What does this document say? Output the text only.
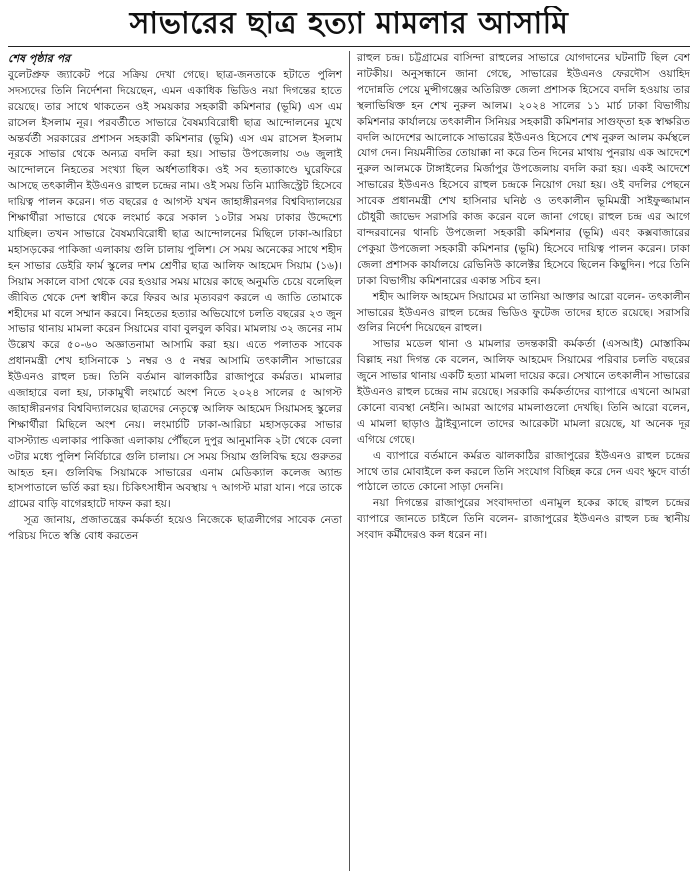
সাভারের ছাত্র হত্যা মামলার আসামি
শেষ পৃষ্ঠার পর

বুলেটপ্রুফ জ্যাকেট পরে সক্রিয় দেখা গেছে। ছাত্র-জনতাকে হটাতে পুলিশ সদস্যদের তিনি নির্দেশনা দিয়েছেন, এমন একাধিক ভিডিও নয়া দিগন্তের হাতে রয়েছে। তার সাথে থাকতেন ওই সময়কার সহকারী কমিশনার (ভূমি) এস এম রাসেল ইসলাম নূর। পরবর্তীতে সাভারে বৈষম্যবিরোধী ছাত্র আন্দোলনের মুখে অন্তর্বর্তী সরকারের প্রশাসন সহকারী কমিশনার (ভূমি) এস এম রাসেল ইসলাম নূরকে সাভার থেকে অন্যত্র বদলি করা হয়। সাভার উপজেলায় ৩৬ জুলাই আন্দোলনে নিহতের সংখ্যা ছিল অর্ধশতাধিক। ওই সব হত্যাকাণ্ডে ঘুরেফিরে আসছে তৎকালীন ইউএনও রাহুল চন্দ্রের নাম। ওই সময় তিনি ম্যাজিস্ট্রেট হিসেবে দায়িত্ব পালন করেন। গত বছরের ৫ আগস্ট যখন জাহাঙ্গীরনগর বিশ্ববিদ্যালয়ের শিক্ষার্থীরা সাভারে থেকে লংমার্চ করে সকাল ১০টার সময় ঢাকার উদ্দেশ্যে যাচ্ছিল। তখন সাভারে বৈষম্যবিরোধী ছাত্র আন্দোলনের মিছিলে ঢাকা-আরিচা মহাসড়কের পাকিজা এলাকায় গুলি চালায় পুলিশ। সে সময় অনেকের সাথে শহীদ হন সাভার ডেইরি ফার্ম স্কুলের দশম শ্রেণীর ছাত্র আলিফ আহমেদ সিয়াম (১৬)। সিয়াম সকালে বাসা থেকে বের হওয়ার সময় মায়ের কাছে অনুমতি চেয়ে বলেছিল জীবিত থেকে দেশ স্বাধীন করে ফিরব আর মৃত্যবরণ করলে এ জাতি তোমাকে শহীদের মা বলে সম্মান করবে। নিহতের হত্যার অভিযোগে চলতি বছরের ২৩ জুন সাভার থানায় মামলা করেন সিয়ামের বাবা বুলবুল কবির। মামলায় ৩২ জনের নাম উল্লেখ করে ৫০-৬০ অজ্ঞাতনামা আসামি করা হয়। এতে পলাতক সাবেক প্রধানমন্ত্রী শেখ হাসিনাকে ১ নম্বর ও ৫ নম্বর আসামি তৎকালীন সাভারের ইউএনও রাহুল চন্দ্র। তিনি বর্তমান ঝালকাঠির রাজাপুরে কর্মরত। মামলার এজাহারে বলা হয়, ঢাকামুখী লংমার্চে অংশ নিতে ২০২৪ সালের ৫ আগস্ট জাহাঙ্গীরনগর বিশ্ববিদ্যালয়ের ছাত্রদের নেতৃত্বে আলিফ আহমেদ সিয়ামসহ স্কুলের শিক্ষার্থীরা মিছিলে অংশ নেয়। লংমার্চটি ঢাকা-আরিচা মহাসড়কের সাভার বাসস্ট্যান্ড এলাকার পাকিজা এলাকায় পৌঁছলে দুপুর আনুমানিক ২টা থেকে বেলা ৩টার মধ্যে পুলিশ নির্বিচারে গুলি চালায়। সে সময় সিয়াম গুলিবিদ্ধ হয়ে গুরুতর আহত হন। গুলিবিদ্ধ সিয়ামকে সাভারের এনাম মেডিক্যাল কলেজ অ্যান্ড হাসপাতালে ভর্তি করা হয়। চিকিৎসাধীন অবস্থায় ৭ আগস্ট মারা যান। পরে তাকে গ্রামের বাড়ি বাগেরহাটে দাফন করা হয়।

সূত্র জানায়, প্রজাতন্ত্রের কর্মকর্তা হয়েও নিজেকে ছাত্রলীগের সাবেক নেতা পরিচয় দিতে স্বস্তি বোধ করতেন

রাহুল চন্দ্র। চট্টগ্রামের বাসিন্দা রাহুলের সাভারে যোগদানের ঘটনাটি ছিল বেশ নাটকীয়। অনুসন্ধানে জানা গেছে, সাভারের ইউএনও ফেরদৌস ওয়াহিদ পদোন্নতি পেয়ে মুন্সীগঞ্জের অতিরিক্ত জেলা প্রশাসক হিসেবে বদলি হওয়ায় তার স্থলাভিষিক্ত হন শেখ নুরুল আলম। ২০২৪ সালের ১১ মার্চ ঢাকা বিভাগীয় কমিশনার কার্যালয়ে তৎকালীন সিনিয়র সহকারী কমিশনার সাগুফ্তা হক স্বাক্ষরিত বদলি আদেশের আলোকে সাভারের ইউএনও হিসেবে শেখ নুরুল আলম কর্মস্থলে যোগ দেন। নিয়মনীতির তোয়াক্কা না করে তিন দিনের মাথায় পুনরায় এক আদেশে নুরুল আলমকে টাঙ্গাইলের মির্জাপুর উপজেলায় বদলি করা হয়। একই আদেশে সাভারের ইউএনও হিসেবে রাহুল চন্দ্রকে নিয়োগ দেয়া হয়। ওই বদলির পেছনে সাবেক প্রধানমন্ত্রী শেখ হাসিনার ঘনিষ্ঠ ও তৎকালীন ভূমিমন্ত্রী সাইফুজ্জামান চৌধুরী জাভেদ সরাসরি কাজ করেন বলে জানা গেছে। রাহুল চন্দ্র এর আগে বান্দরবানের থানচি উপজেলা সহকারী কমিশনার (ভূমি) এবং কক্সবাজারের পেকুয়া উপজেলা সহকারী কমিশনার (ভূমি) হিসেবে দায়িত্ব পালন করেন। ঢাকা জেলা প্রশাসক কার্যালয়ে রেভিনিউ কালেক্টর হিসেবে ছিলেন কিছুদিন। পরে তিনি ঢাকা বিভাগীয় কমিশনারের একান্ত সচিব হন।

শহীদ আলিফ আহমেদ সিয়ামের মা তানিয়া আক্তার আরো বলেন- তৎকালীন সাভারের ইউএনও রাহুল চন্দ্রের ভিডিও ফুটেজ তাদের হাতে রয়েছে। সরাসরি গুলির নির্দেশ দিয়েছেন রাহুল।

সাভার মডেল থানা ও মামলার তদন্তকারী কর্মকর্তা (এসআই) মোস্তাকিম বিল্লাহ নয়া দিগন্ত কে বলেন, আলিফ আহমেদ সিয়ামের পরিবার চলতি বছরের জুনে সাভার থানায় একটি হত্যা মামলা দায়ের করে। সেখানে তৎকালীন সাভারের ইউএনও রাহুল চন্দ্রের নাম রয়েছে। সরকারি কর্মকর্তাদের ব্যাপারে এখনো আমরা কোনো ব্যবস্থা নেইনি। আমরা আগের মামলাগুলো দেখছি। তিনি আরো বলেন, এ মামলা ছাড়াও ট্রাইব্যুনালে তাদের আরেকটা মামলা রয়েছে, যা অনেক দূর এগিয়ে গেছে।

এ ব্যাপারে বর্তমানে কর্মরত ঝালকাঠির রাজাপুরের ইউএনও রাহুল চন্দ্রের সাথে তার মোবাইলে কল করলে তিনি সংযোগ বিচ্ছিন্ন করে দেন এবং ক্ষুদে বার্তা পাঠালে তাতে কোনো সাড়া দেননি।

নয়া দিগন্তের রাজাপুরের সংবাদদাতা এনামুল হকের কাছে রাহুল চন্দ্রের ব্যাপারে জানতে চাইলে তিনি বলেন- রাজাপুরের ইউএনও রাহুল চন্দ্র স্থানীয় সংবাদ কর্মীদেরও কল ধরেন না।
